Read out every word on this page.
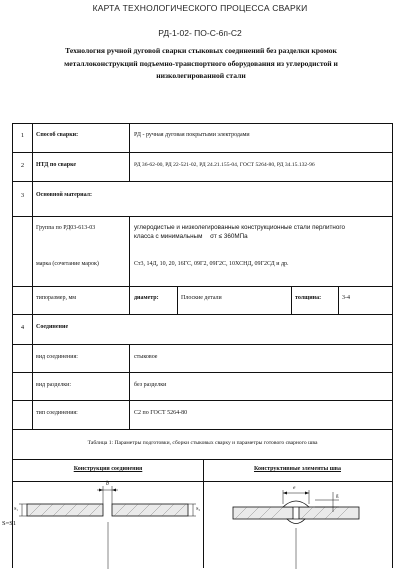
КАРТА ТЕХНОЛОГИЧЕСКОГО ПРОЦЕССА СВАРКИ
РД-1-02- ПО-С-6п-С2
Технология ручной дуговой сварки стыковых соединений без разделки кромок
металлоконструкций подъемно-транспортного оборудования из углеродистой и
низколегированной стали
1	Способ сварки:	РД - ручная дуговая покрытыми электродами
2	НТД по сварке	РД 36-62-00, РД 22-521-02, РД 24.21.155-04, ГОСТ 5264-80, РД 34.15.132-96
3	Основной материал:
Группа по РД03-613-03	углеродистые и низколегированные конструкционные стали перлитного
класса с минимальным σт ≤ 360МПа
марка (сочетание марок)	Ст3, 14Д, 10, 20, 16ГС, 09Г2, 09Г2С, 10ХСНД, 09Г2СД и др.
типоразмер, мм	диаметр:	Плоские детали	толщина:	3-4
4	Соединение
вид соединения:	стыковое
вид разделки:	без разделки
тип соединения:	С2 по ГОСТ 5264-80
Таблица 1: Параметры подготовки, сборки стыковых сварку и параметры готового сварного шва
Конструкция соединения	Конструктивные элементы шва
b
S₁	S₂
S=S1
e
g
